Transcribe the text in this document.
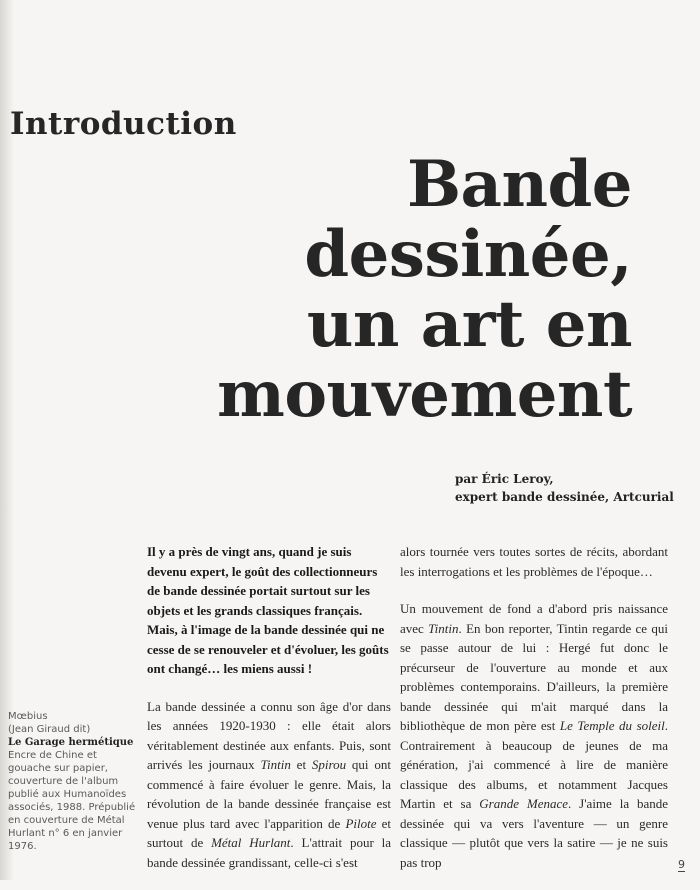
Introduction
Bande
dessinée,
un art en
mouvement
par Éric Leroy,
expert bande dessinée, Artcurial
Mœbius
(Jean Giraud dit)
Le Garage hermétique
Encre de Chine et gouache sur papier, couverture de l'album publié aux Humanoïdes associés, 1988. Prépublié en couverture de Métal Hurlant n° 6 en janvier 1976.

Il y a près de vingt ans, quand je suis devenu expert, le goût des collectionneurs de bande dessinée portait surtout sur les objets et les grands classiques français. Mais, à l'image de la bande dessinée qui ne cesse de se renouveler et d'évoluer, les goûts ont changé… les miens aussi !

La bande dessinée a connu son âge d'or dans les années 1920-1930 : elle était alors véritablement destinée aux enfants. Puis, sont arrivés les journaux Tintin et Spirou qui ont commencé à faire évoluer le genre. Mais, la révolution de la bande dessinée française est venue plus tard avec l'apparition de Pilote et surtout de Métal Hurlant. L'attrait pour la bande dessinée grandissant, celle-ci s'est

alors tournée vers toutes sortes de récits, abordant les interrogations et les problèmes de l'époque…

Un mouvement de fond a d'abord pris naissance avec Tintin. En bon reporter, Tintin regarde ce qui se passe autour de lui : Hergé fut donc le précurseur de l'ouverture au monde et aux problèmes contemporains. D'ailleurs, la première bande dessinée qui m'ait marqué dans la bibliothèque de mon père est Le Temple du soleil. Contrairement à beaucoup de jeunes de ma génération, j'ai commencé à lire de manière classique des albums, et notamment Jacques Martin et sa Grande Menace. J'aime la bande dessinée qui va vers l'aventure — un genre classique — plutôt que vers la satire — je ne suis pas trop	9
